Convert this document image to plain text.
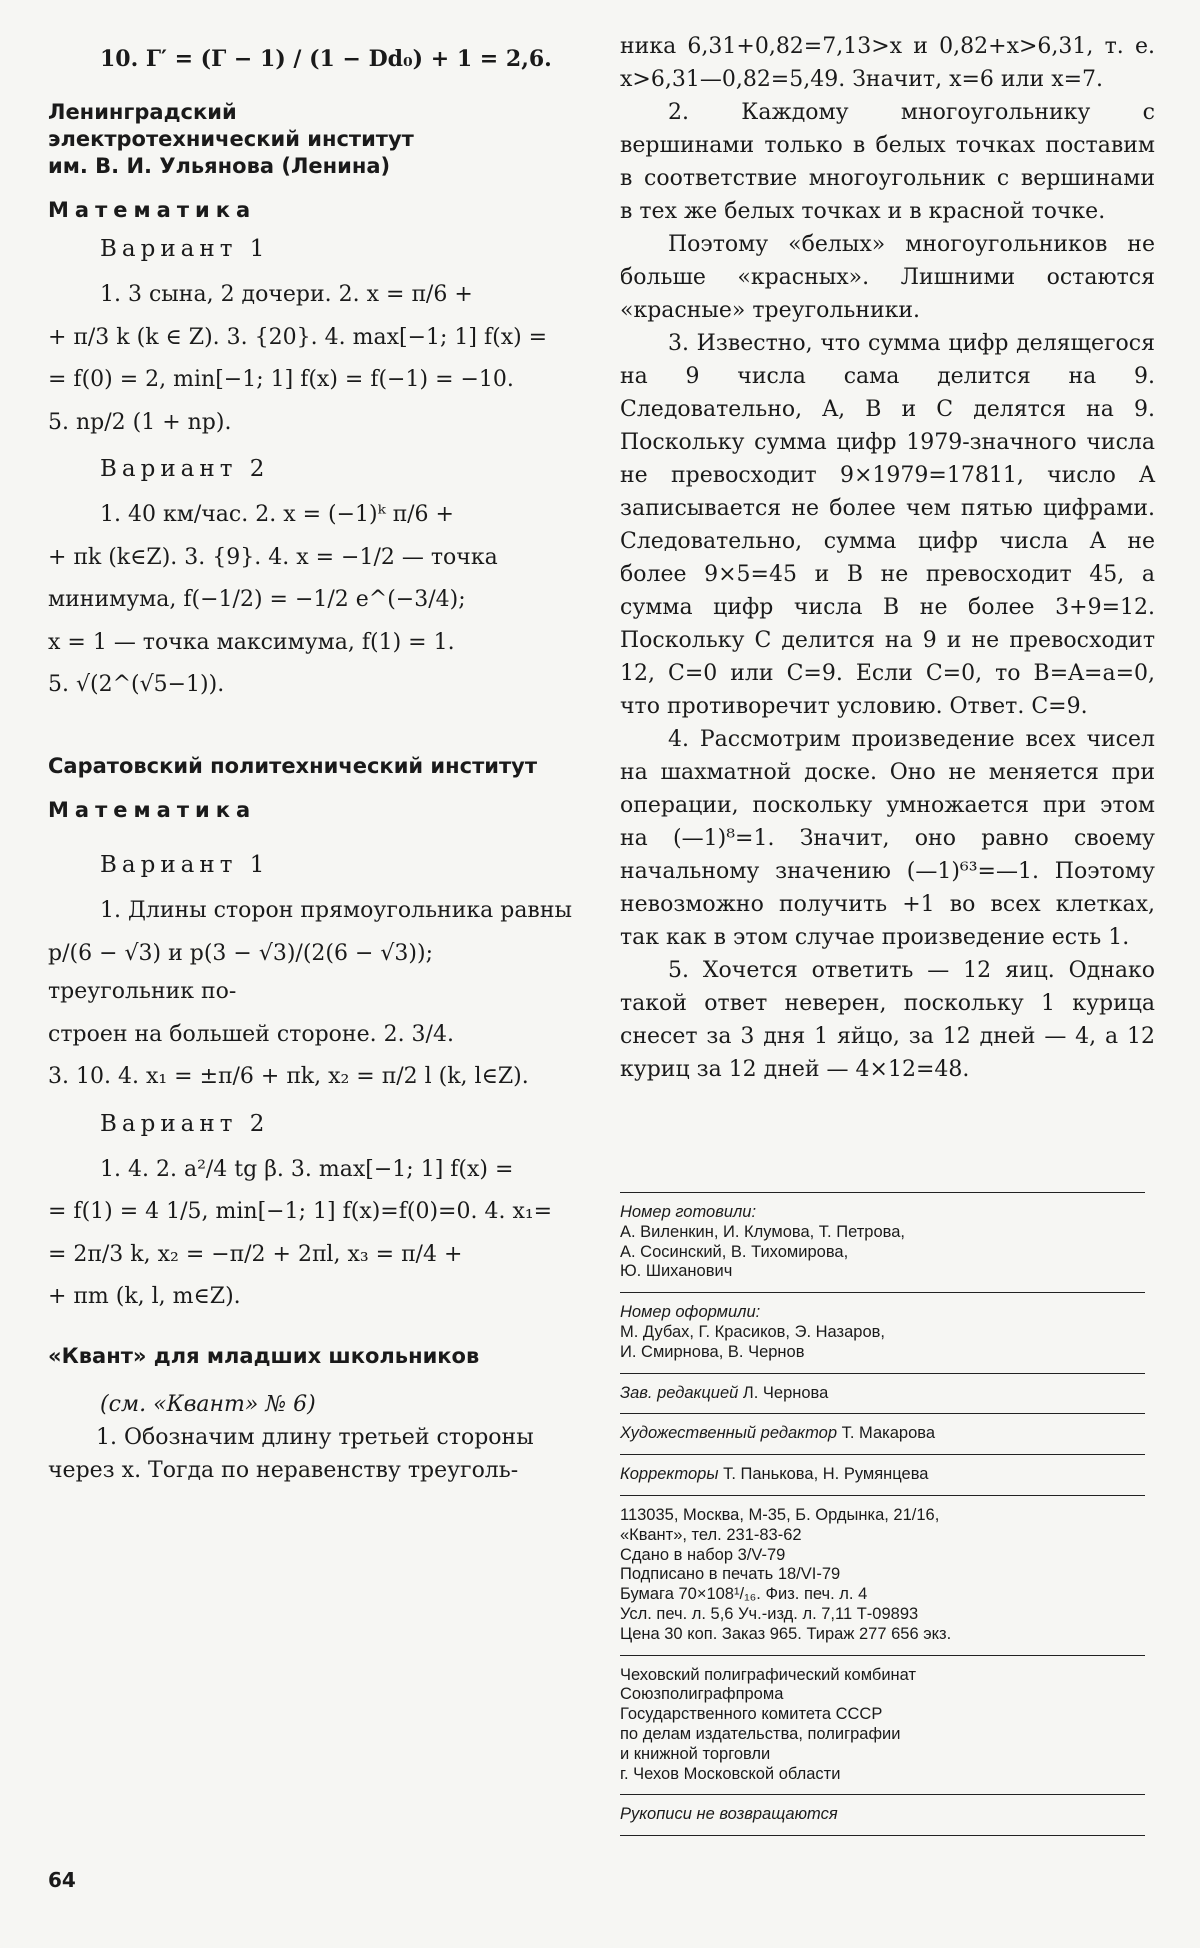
10. Г′ = (Г − 1) / (1 − Dd₀) + 1 = 2,6.

Ленинградский
электротехнический институт
им. В. И. Ульянова (Ленина)
Математика
Вариант 1

1. 3 сына, 2 дочери. 2. x = π/6 +

+ π/3 k (k ∈ Z). 3. {20}. 4. max[−1; 1] f(x) =

= f(0) = 2, min[−1; 1] f(x) = f(−1) = −10.

5. np/2 (1 + np).

Вариант 2

1. 40 км/час. 2. x = (−1)ᵏ π/6 +

+ πk (k∈Z). 3. {9}. 4. x = −1/2 — точка

минимума, f(−1/2) = −1/2 e^(−3/4);

x = 1 — точка максимума, f(1) = 1.

5. √(2^(√5−1)).

Саратовский политехнический институт
Математика
Вариант 1

1. Длины сторон прямоугольника равны

p/(6 − √3) и p(3 − √3)/(2(6 − √3)); треугольник по-

строен на большей стороне. 2. 3/4.

3. 10. 4. x₁ = ±π/6 + πk, x₂ = π/2 l (k, l∈Z).

Вариант 2

1. 4. 2. a²/4 tg β. 3. max[−1; 1] f(x) =

= f(1) = 4 1/5, min[−1; 1] f(x)=f(0)=0. 4. x₁=

= 2π/3 k, x₂ = −π/2 + 2πl, x₃ = π/4 +

+ πm (k, l, m∈Z).

«Квант» для младших школьников

(см. «Квант» № 6)

1. Обозначим длину третьей стороны

через x. Тогда по неравенству треуголь-

64

ника 6,31+0,82=7,13>x и 0,82+x>6,31, т. е. x>6,31—0,82=5,49. Значит, x=6 или x=7.

2. Каждому многоугольнику с вершинами только в белых точках поставим в соответствие многоугольник с вершинами в тех же белых точках и в красной точке.

Поэтому «белых» многоугольников не больше «красных». Лишними остаются «красные» треугольники.

3. Известно, что сумма цифр делящегося на 9 числа сама делится на 9. Следовательно, A, B и C делятся на 9. Поскольку сумма цифр 1979-значного числа не превосходит 9×1979=17811, число A записывается не более чем пятью цифрами. Следовательно, сумма цифр числа A не более 9×5=45 и B не превосходит 45, а сумма цифр числа B не более 3+9=12. Поскольку C делится на 9 и не превосходит 12, C=0 или C=9. Если C=0, то B=A=a=0, что противоречит условию. Ответ. C=9.

4. Рассмотрим произведение всех чисел на шахматной доске. Оно не меняется при операции, поскольку умножается при этом на (—1)⁸=1. Значит, оно равно своему начальному значению (—1)⁶³=—1. Поэтому невозможно получить +1 во всех клетках, так как в этом случае произведение есть 1.

5. Хочется ответить — 12 яиц. Однако такой ответ неверен, поскольку 1 курица снесет за 3 дня 1 яйцо, за 12 дней — 4, а 12 куриц за 12 дней — 4×12=48.

Номер готовили:

А. Виленкин, И. Клумова, Т. Петрова,

А. Сосинский, В. Тихомирова,

Ю. Шиханович

Номер оформили:

М. Дубах, Г. Красиков, Э. Назаров,

И. Смирнова, В. Чернов

Зав. редакцией Л. Чернова

Художественный редактор Т. Макарова

Корректоры Т. Панькова, Н. Румянцева

113035, Москва, М-35, Б. Ордынка, 21/16,

«Квант», тел. 231-83-62

Сдано в набор 3/V-79

Подписано в печать 18/VI-79

Бумага 70×108¹/₁₆. Физ. печ. л. 4

Усл. печ. л. 5,6 Уч.-изд. л. 7,11 Т-09893

Цена 30 коп. Заказ 965. Тираж 277 656 экз.

Чеховский полиграфический комбинат

Союзполиграфпрома

Государственного комитета СССР

по делам издательства, полиграфии

и книжной торговли

г. Чехов Московской области

Рукописи не возвращаются
